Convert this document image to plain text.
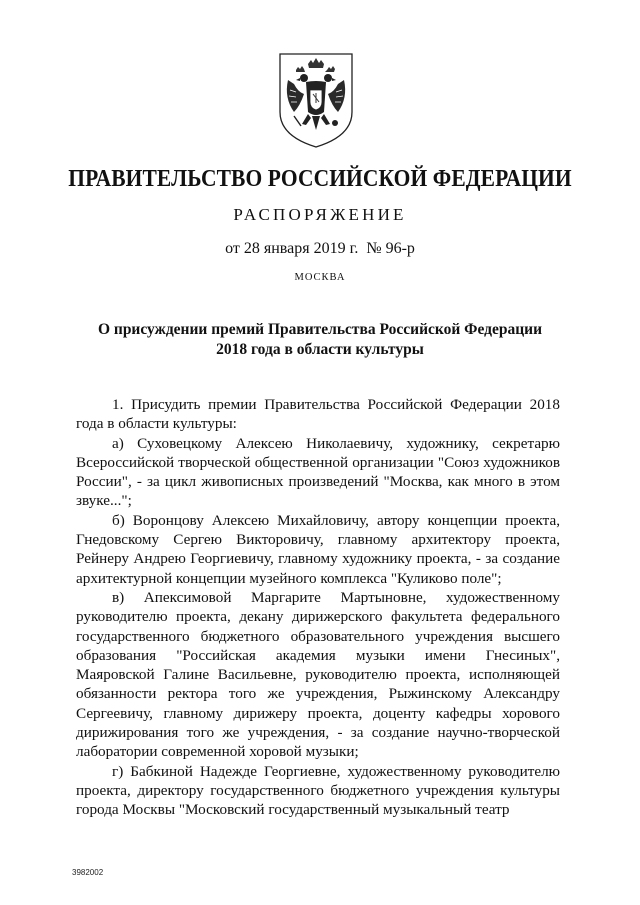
ПРАВИТЕЛЬСТВО РОССИЙСКОЙ ФЕДЕРАЦИИ
РАСПОРЯЖЕНИЕ
от 28 января 2019 г. № 96-р
МОСКВА
О присуждении премий Правительства Российской Федерации
2018 года в области культуры

1. Присудить премии Правительства Российской Федерации 2018 года в области культуры:

а) Суховецкому Алексею Николаевичу, художнику, секретарю Всероссийской творческой общественной организации "Союз художников России", - за цикл живописных произведений "Москва, как много в этом звуке...";

б) Воронцову Алексею Михайловичу, автору концепции проекта, Гнедовскому Сергею Викторовичу, главному архитектору проекта, Рейнеру Андрею Георгиевичу, главному художнику проекта, - за создание архитектурной концепции музейного комплекса "Куликово поле";

в) Апексимовой Маргарите Мартыновне, художественному руководителю проекта, декану дирижерского факультета федерального государственного бюджетного образовательного учреждения высшего образования "Российская академия музыки имени Гнесиных", Маяровской Галине Васильевне, руководителю проекта, исполняющей обязанности ректора того же учреждения, Рыжинскому Александру Сергеевичу, главному дирижеру проекта, доценту кафедры хорового дирижирования того же учреждения, - за создание научно-творческой лаборатории современной хоровой музыки;

г) Бабкиной Надежде Георгиевне, художественному руководителю проекта, директору государственного бюджетного учреждения культуры города Москвы "Московский государственный музыкальный театр

3982002
